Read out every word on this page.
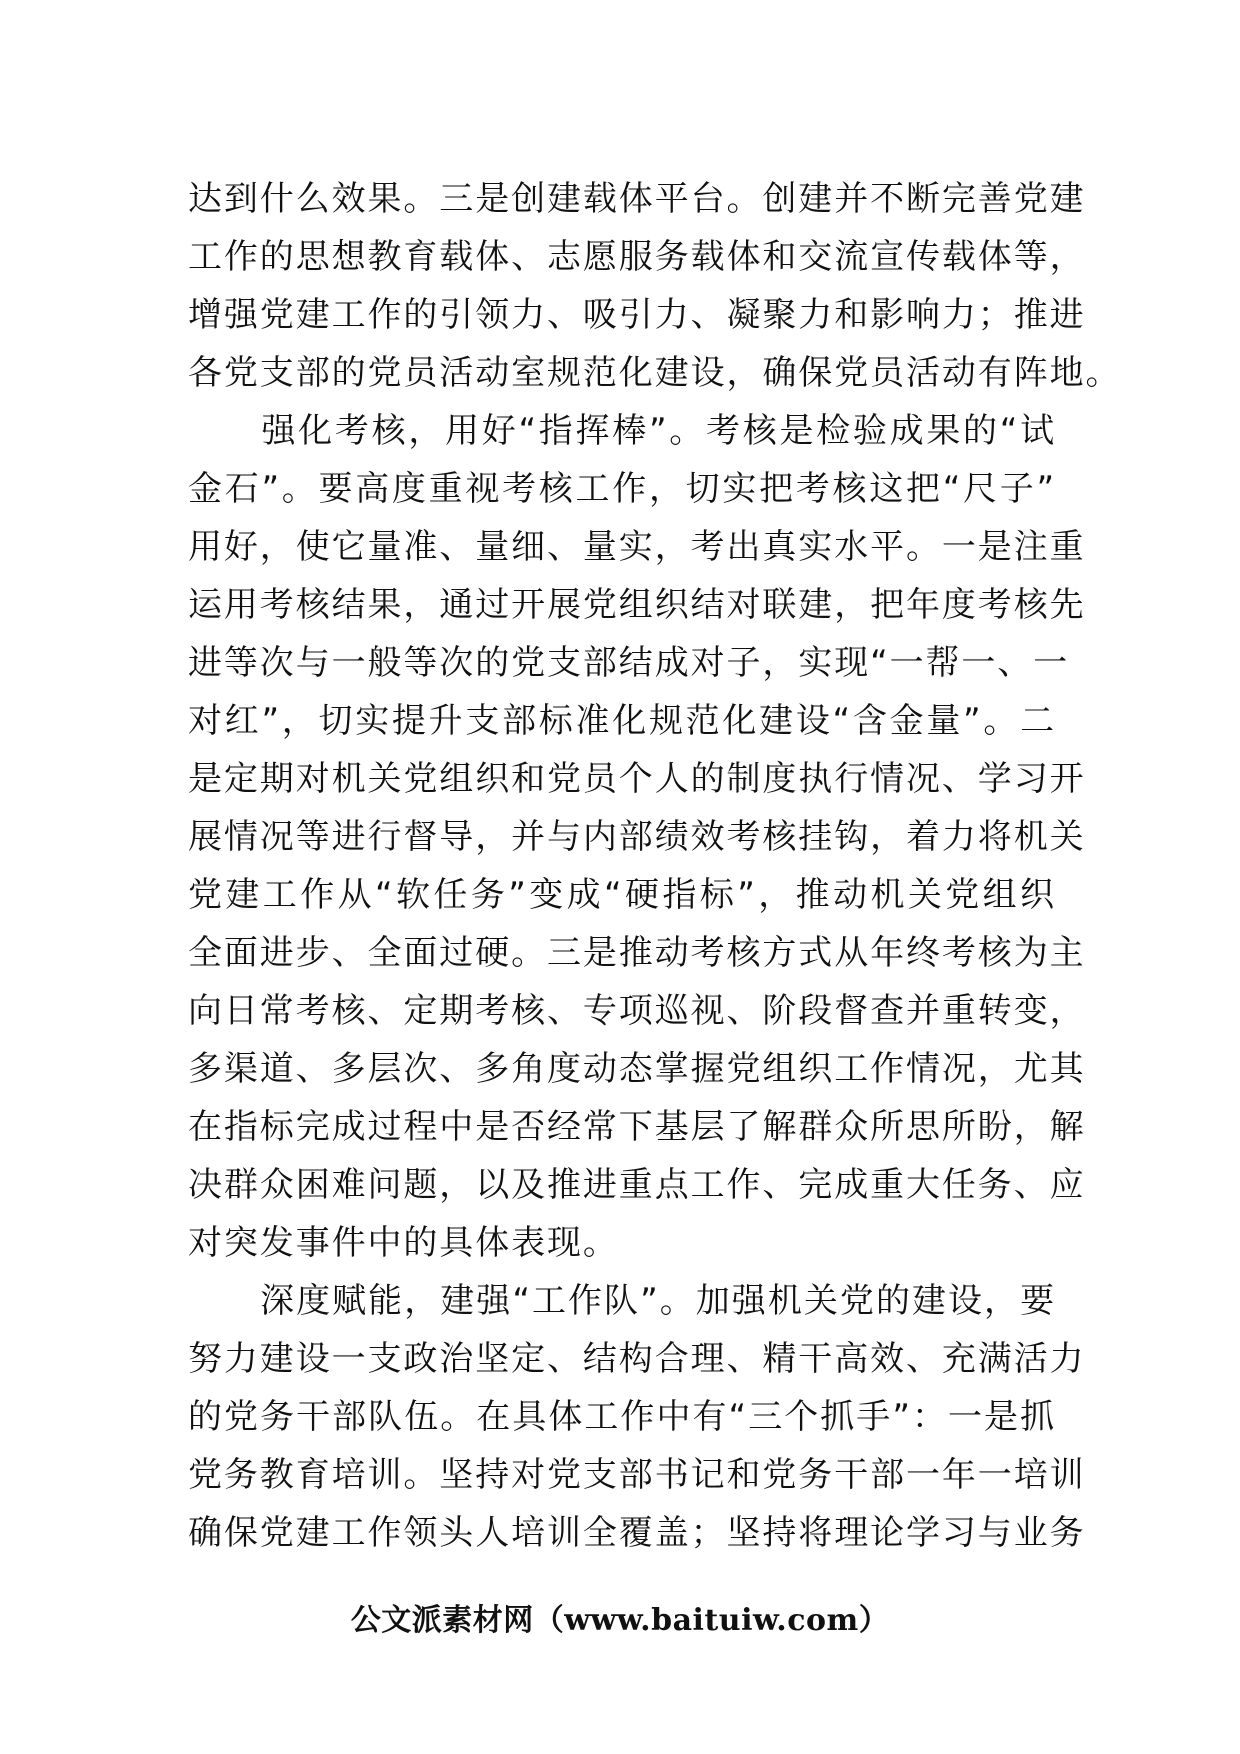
达到什么效果。三是创建载体平台。创建并不断完善党建
工作的思想教育载体、志愿服务载体和交流宣传载体等，
增强党建工作的引领力、吸引力、凝聚力和影响力；推进
各党支部的党员活动室规范化建设，确保党员活动有阵地。
　　强化考核，用好“指挥棒”。考核是检验成果的“试
金石”。要高度重视考核工作，切实把考核这把“尺子”
用好，使它量准、量细、量实，考出真实水平。一是注重
运用考核结果，通过开展党组织结对联建，把年度考核先
进等次与一般等次的党支部结成对子，实现“一帮一、一
对红”，切实提升支部标准化规范化建设“含金量”。二
是定期对机关党组织和党员个人的制度执行情况、学习开
展情况等进行督导，并与内部绩效考核挂钩，着力将机关
党建工作从“软任务”变成“硬指标”，推动机关党组织
全面进步、全面过硬。三是推动考核方式从年终考核为主
向日常考核、定期考核、专项巡视、阶段督查并重转变，
多渠道、多层次、多角度动态掌握党组织工作情况，尤其
在指标完成过程中是否经常下基层了解群众所思所盼，解
决群众困难问题，以及推进重点工作、完成重大任务、应
对突发事件中的具体表现。
　　深度赋能，建强“工作队”。加强机关党的建设，要
努力建设一支政治坚定、结构合理、精干高效、充满活力
的党务干部队伍。在具体工作中有“三个抓手”：一是抓
党务教育培训。坚持对党支部书记和党务干部一年一培训
确保党建工作领头人培训全覆盖；坚持将理论学习与业务
公文派素材网（www.baituiw.com）
